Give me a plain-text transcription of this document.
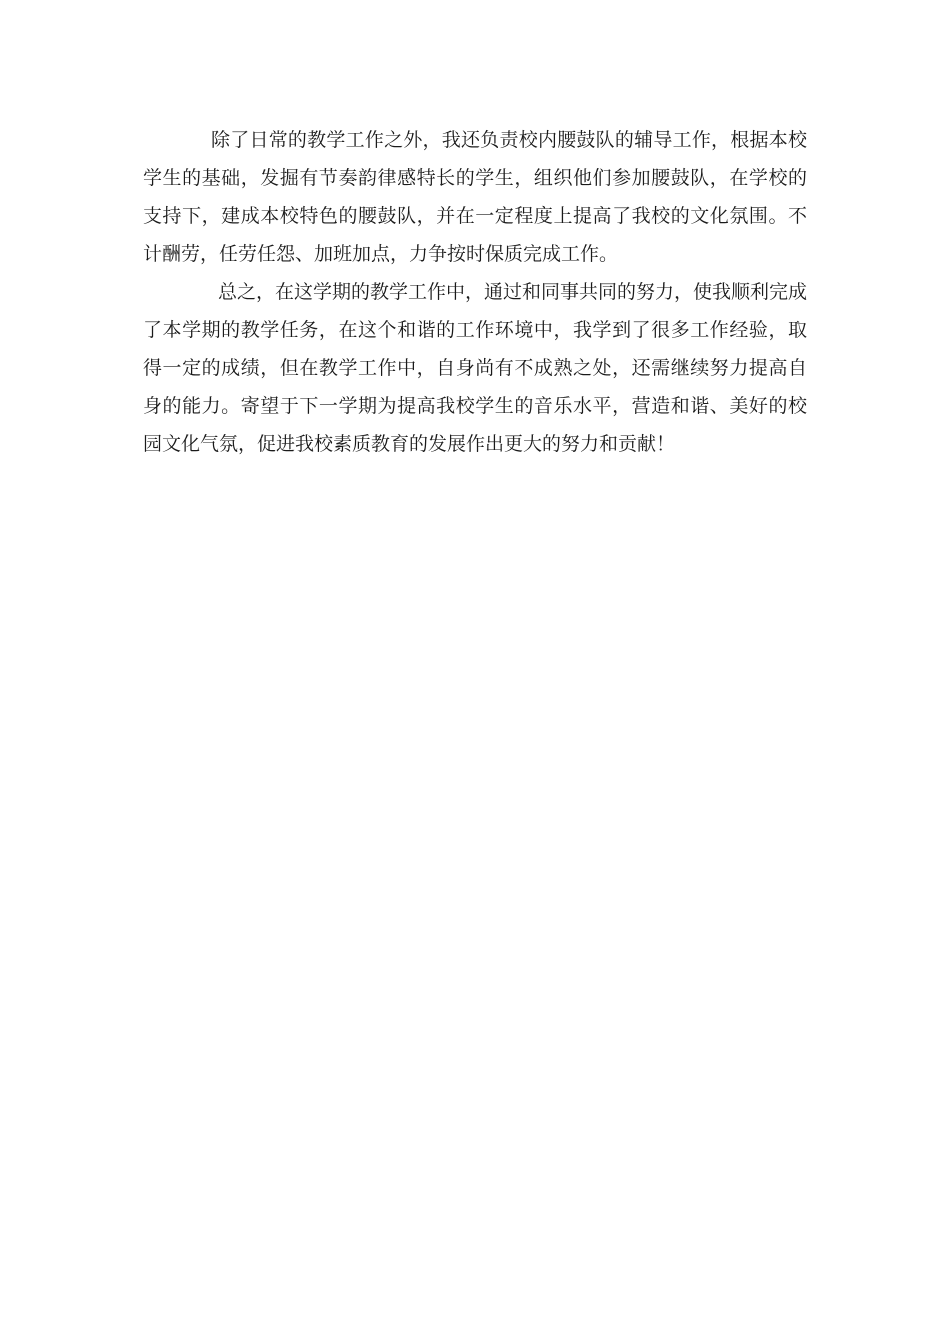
除了日常的教学工作之外，我还负责校内腰鼓队的辅导工作，根据本校学生的基础，发掘有节奏韵律感特长的学生，组织他们参加腰鼓队，在学校的支持下，建成本校特色的腰鼓队，并在一定程度上提高了我校的文化氛围。不计酬劳，任劳任怨、加班加点，力争按时保质完成工作。

总之，在这学期的教学工作中，通过和同事共同的努力，使我顺利完成了本学期的教学任务，在这个和谐的工作环境中，我学到了很多工作经验，取得一定的成绩，但在教学工作中，自身尚有不成熟之处，还需继续努力提高自身的能力。寄望于下一学期为提高我校学生的音乐水平，营造和谐、美好的校园文化气氛，促进我校素质教育的发展作出更大的努力和贡献！
